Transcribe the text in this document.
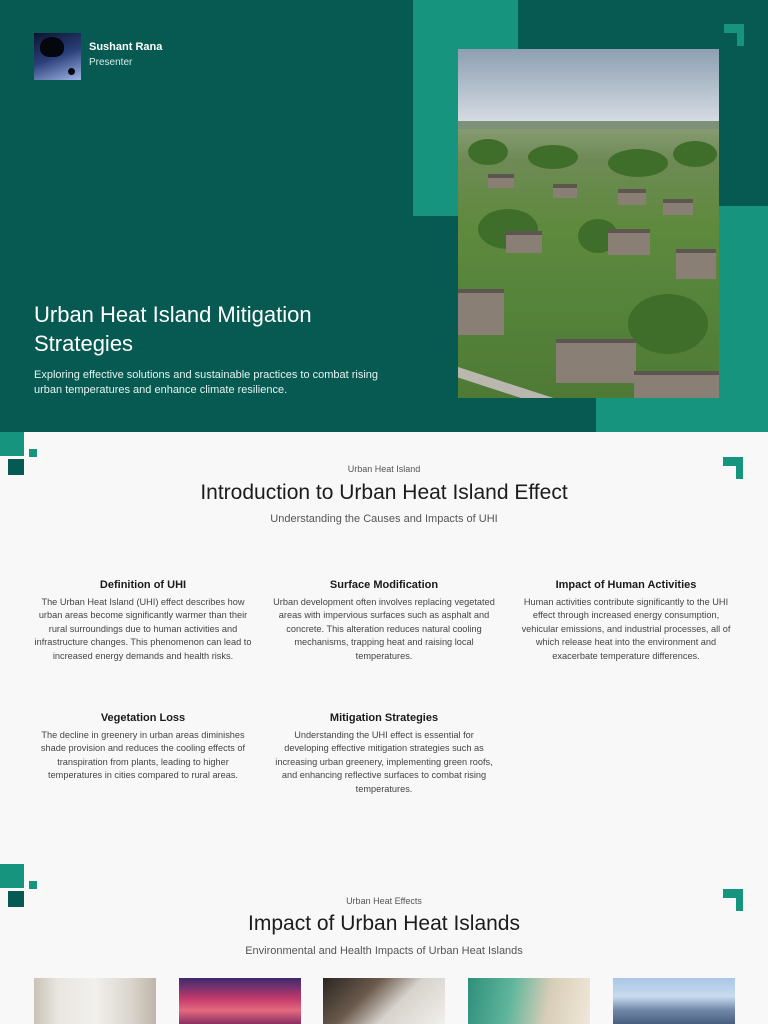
Sushant Rana
Presenter
Urban Heat Island Mitigation Strategies

Exploring effective solutions and sustainable practices to combat rising urban temperatures and enhance climate resilience.

Urban Heat Island
Introduction to Urban Heat Island Effect
Understanding the Causes and Impacts of UHI
Definition of UHI

The Urban Heat Island (UHI) effect describes how urban areas become significantly warmer than their rural surroundings due to human activities and infrastructure changes. This phenomenon can lead to increased energy demands and health risks.

Surface Modification

Urban development often involves replacing vegetated areas with impervious surfaces such as asphalt and concrete. This alteration reduces natural cooling mechanisms, trapping heat and raising local temperatures.

Impact of Human Activities

Human activities contribute significantly to the UHI effect through increased energy consumption, vehicular emissions, and industrial processes, all of which release heat into the environment and exacerbate temperature differences.

Vegetation Loss

The decline in greenery in urban areas diminishes shade provision and reduces the cooling effects of transpiration from plants, leading to higher temperatures in cities compared to rural areas.

Mitigation Strategies

Understanding the UHI effect is essential for developing effective mitigation strategies such as increasing urban greenery, implementing green roofs, and enhancing reflective surfaces to combat rising temperatures.

Urban Heat Effects
Impact of Urban Heat Islands
Environmental and Health Impacts of Urban Heat Islands
